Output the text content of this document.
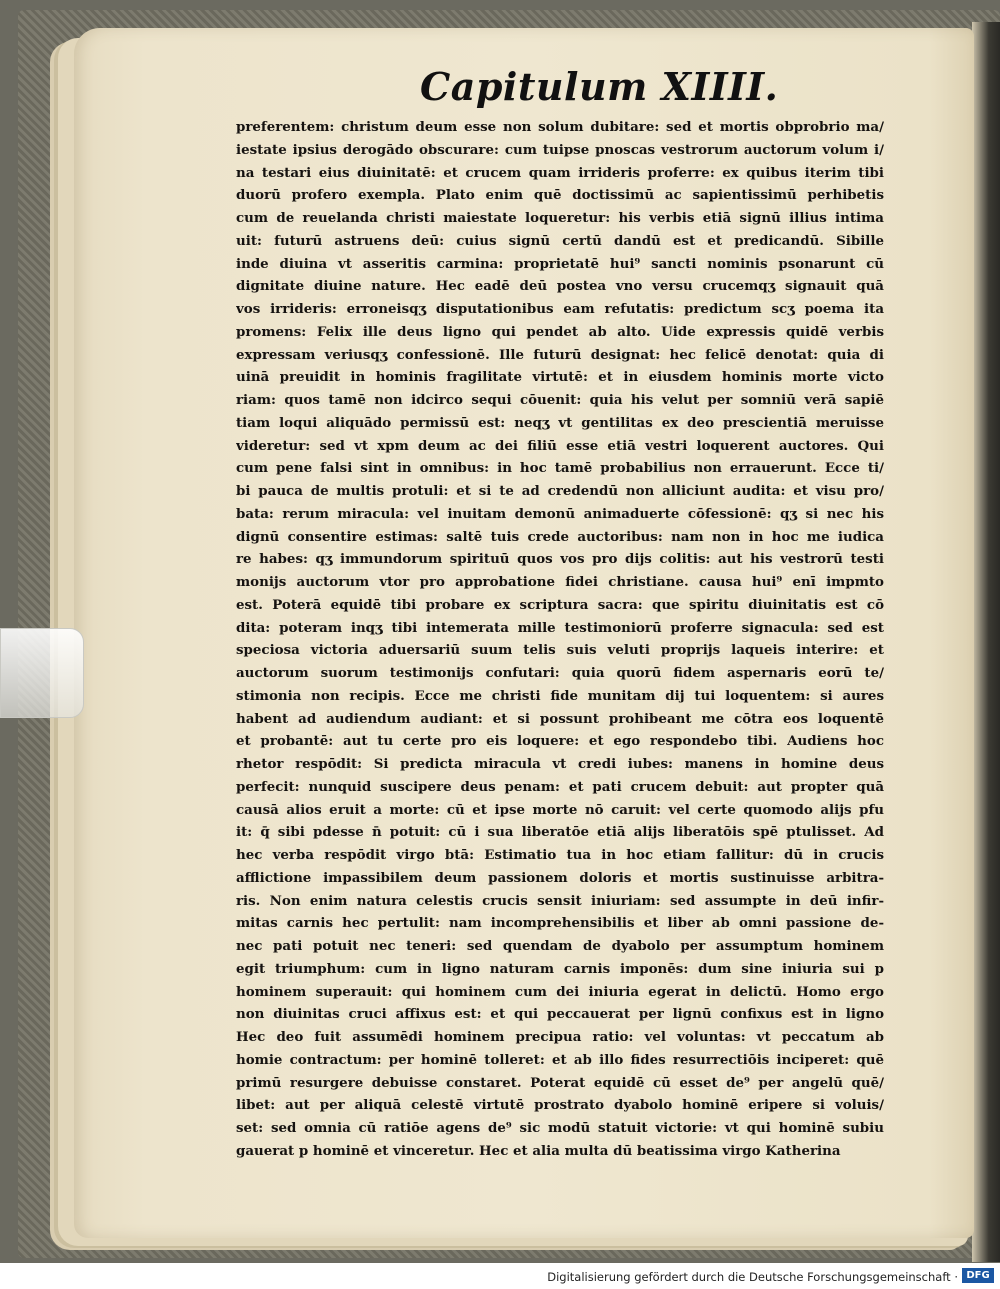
Capitulum XIIII.
preferentem: christum deum esse non solum dubitare: sed et mortis obprobrio ma/
iestate ipsius derogādo obscurare: cum tuipse pnoscas vestrorum auctorum volum i/
na testari eius diuinitatē: et crucem quam irrideris proferre: ex quibus iterim tibi
duorū profero exempla. Plato enim quē doctissimū ac sapientissimū perhibetis
cum de reuelanda christi maiestate loqueretur: his verbis etiā signū illius intima
uit: futurū astruens deū: cuius signū certū dandū est et predicandū. Sibille
inde diuina vt asseritis carmina: proprietatē hui⁹ sancti nominis psonarunt cū
dignitate diuine nature. Hec eadē deū postea vno versu crucemqʒ signauit quā
vos irrideris: erroneisqʒ disputationibus eam refutatis: predictum scʒ poema ita
promens: Felix ille deus ligno qui pendet ab alto. Uide expressis quidē verbis
expressam veriusqʒ confessionē. Ille futurū designat: hec felicē denotat: quia di
uinā preuidit in hominis fragilitate virtutē: et in eiusdem hominis morte victo
riam: quos tamē non idcirco sequi cōuenit: quia his velut per somniū verā sapiē
tiam loqui aliquādo permissū est: neqʒ vt gentilitas ex deo prescientiā meruisse
videretur: sed vt xpm deum ac dei filiū esse etiā vestri loquerent auctores. Qui
cum pene falsi sint in omnibus: in hoc tamē probabilius non errauerunt. Ecce ti/
bi pauca de multis protuli: et si te ad credendū non alliciunt audita: et visu pro/
bata: rerum miracula: vel inuitam demonū animaduerte cōfessionē: qʒ si nec his
dignū consentire estimas: saltē tuis crede auctoribus: nam non in hoc me iudica
re habes: qʒ immundorum spirituū quos vos pro dijs colitis: aut his vestrorū testi
monijs auctorum vtor pro approbatione fidei christiane. causa hui⁹ enī impmto
est. Poterā equidē tibi probare ex scriptura sacra: que spiritu diuinitatis est cō
dita: poteram inqʒ tibi intemerata mille testimoniorū proferre signacula: sed est
speciosa victoria aduersariū suum telis suis veluti proprijs laqueis interire: et
auctorum suorum testimonijs confutari: quia quorū fidem aspernaris eorū te/
stimonia non recipis. Ecce me christi fide munitam dij tui loquentem: si aures
habent ad audiendum audiant: et si possunt prohibeant me cōtra eos loquentē
et probantē: aut tu certe pro eis loquere: et ego respondebo tibi. Audiens hoc
rhetor respōdit: Si predicta miracula vt credi iubes: manens in homine deus
perfecit: nunquid suscipere deus penam: et pati crucem debuit: aut propter quā
causā alios eruit a morte: cū et ipse morte nō caruit: vel certe quomodo alijs pfu
it: q̄ sibi pdesse n̄ potuit: cū i sua liberatōe etiā alijs liberatōis spē ptulisset. Ad
hec verba respōdit virgo btā: Estimatio tua in hoc etiam fallitur: dū in crucis
afflictione impassibilem deum passionem doloris et mortis sustinuisse arbitra-
ris. Non enim natura celestis crucis sensit iniuriam: sed assumpte in deū infir-
mitas carnis hec pertulit: nam incomprehensibilis et liber ab omni passione de-
nec pati potuit nec teneri: sed quendam de dyabolo per assumptum hominem
egit triumphum: cum in ligno naturam carnis imponēs: dum sine iniuria sui p
hominem superauit: qui hominem cum dei iniuria egerat in delictū. Homo ergo
non diuinitas cruci affixus est: et qui peccauerat per lignū confixus est in ligno
Hec deo fuit assumēdi hominem precipua ratio: vel voluntas: vt peccatum ab
homie contractum: per hominē tolleret: et ab illo fides resurrectiōis inciperet: quē
primū resurgere debuisse constaret. Poterat equidē cū esset de⁹ per angelū quē/
libet: aut per aliquā celestē virtutē prostrato dyabolo hominē eripere si voluis/
set: sed omnia cū ratiōe agens de⁹ sic modū statuit victorie: vt qui hominē subiu
gauerat p hominē et vinceretur. Hec et alia multa dū beatissima virgo Katherina
Digitalisierung gefördert durch die Deutsche Forschungsgemeinschaft · DFG
